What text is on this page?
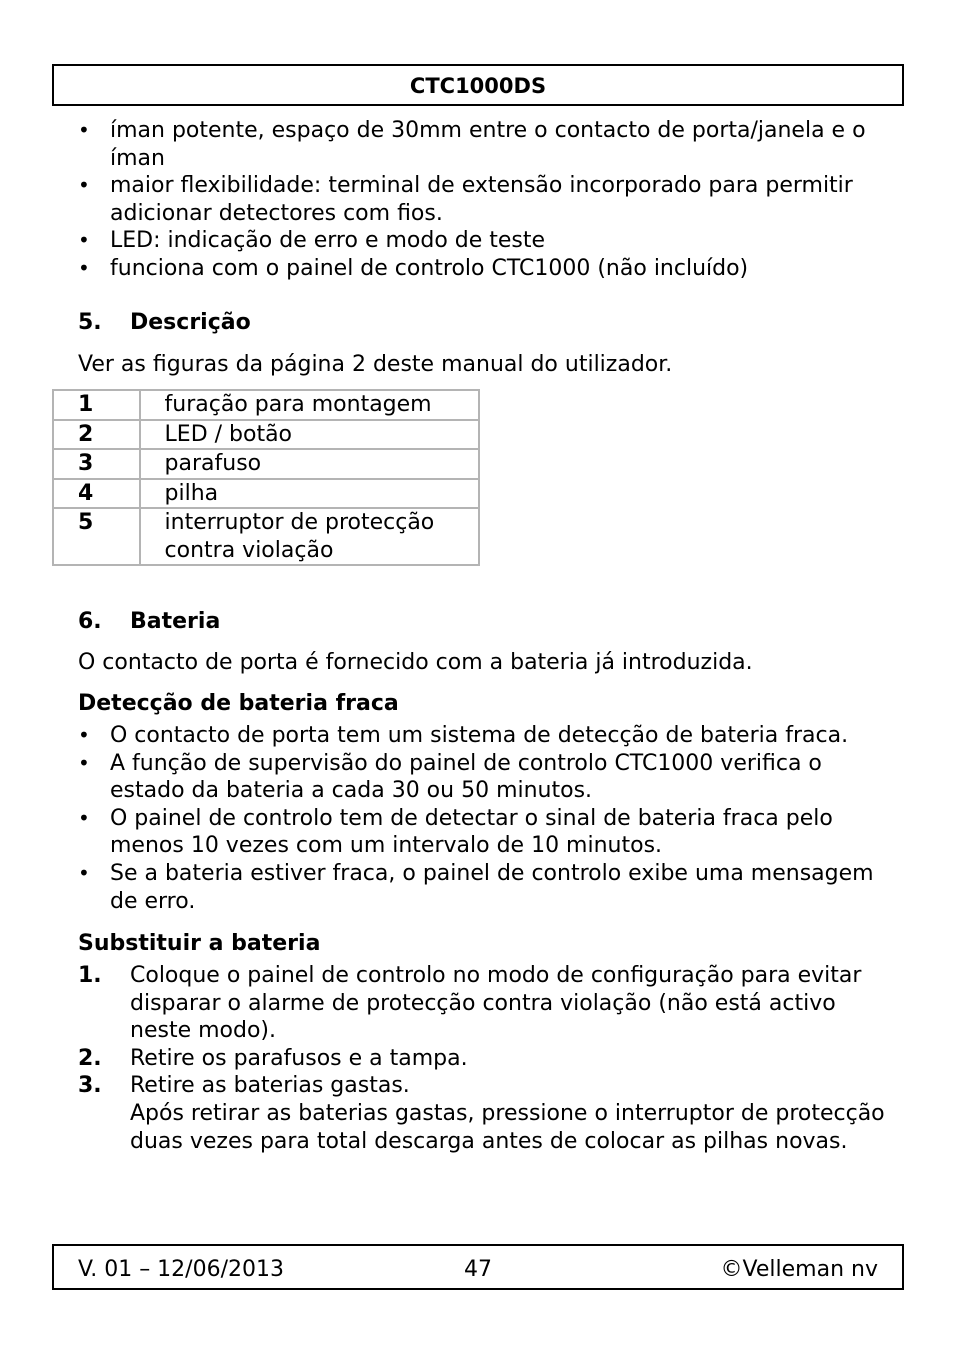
CTC1000DS
• íman potente, espaço de 30mm entre o contacto de porta/janela e o íman
• maior flexibilidade: terminal de extensão incorporado para permitir adicionar detectores com fios.
• LED: indicação de erro e modo de teste
• funciona com o painel de controlo CTC1000 (não incluído)
5. Descrição
Ver as figuras da página 2 deste manual do utilizador.
1	furação para montagem
2	LED / botão
3	parafuso
4	pilha
5	interruptor de protecção contra violação
6. Bateria
O contacto de porta é fornecido com a bateria já introduzida.
Detecção de bateria fraca
• O contacto de porta tem um sistema de detecção de bateria fraca.
• A função de supervisão do painel de controlo CTC1000 verifica o estado da bateria a cada 30 ou 50 minutos.
• O painel de controlo tem de detectar o sinal de bateria fraca pelo menos 10 vezes com um intervalo de 10 minutos.
• Se a bateria estiver fraca, o painel de controlo exibe uma mensagem de erro.
Substituir a bateria
1. Coloque o painel de controlo no modo de configuração para evitar disparar o alarme de protecção contra violação (não está activo neste modo).
2. Retire os parafusos e a tampa.
3. Retire as baterias gastas.
Após retirar as baterias gastas, pressione o interruptor de protecção duas vezes para total descarga antes de colocar as pilhas novas.
V. 01 – 12/06/2013	47	©Velleman nv
